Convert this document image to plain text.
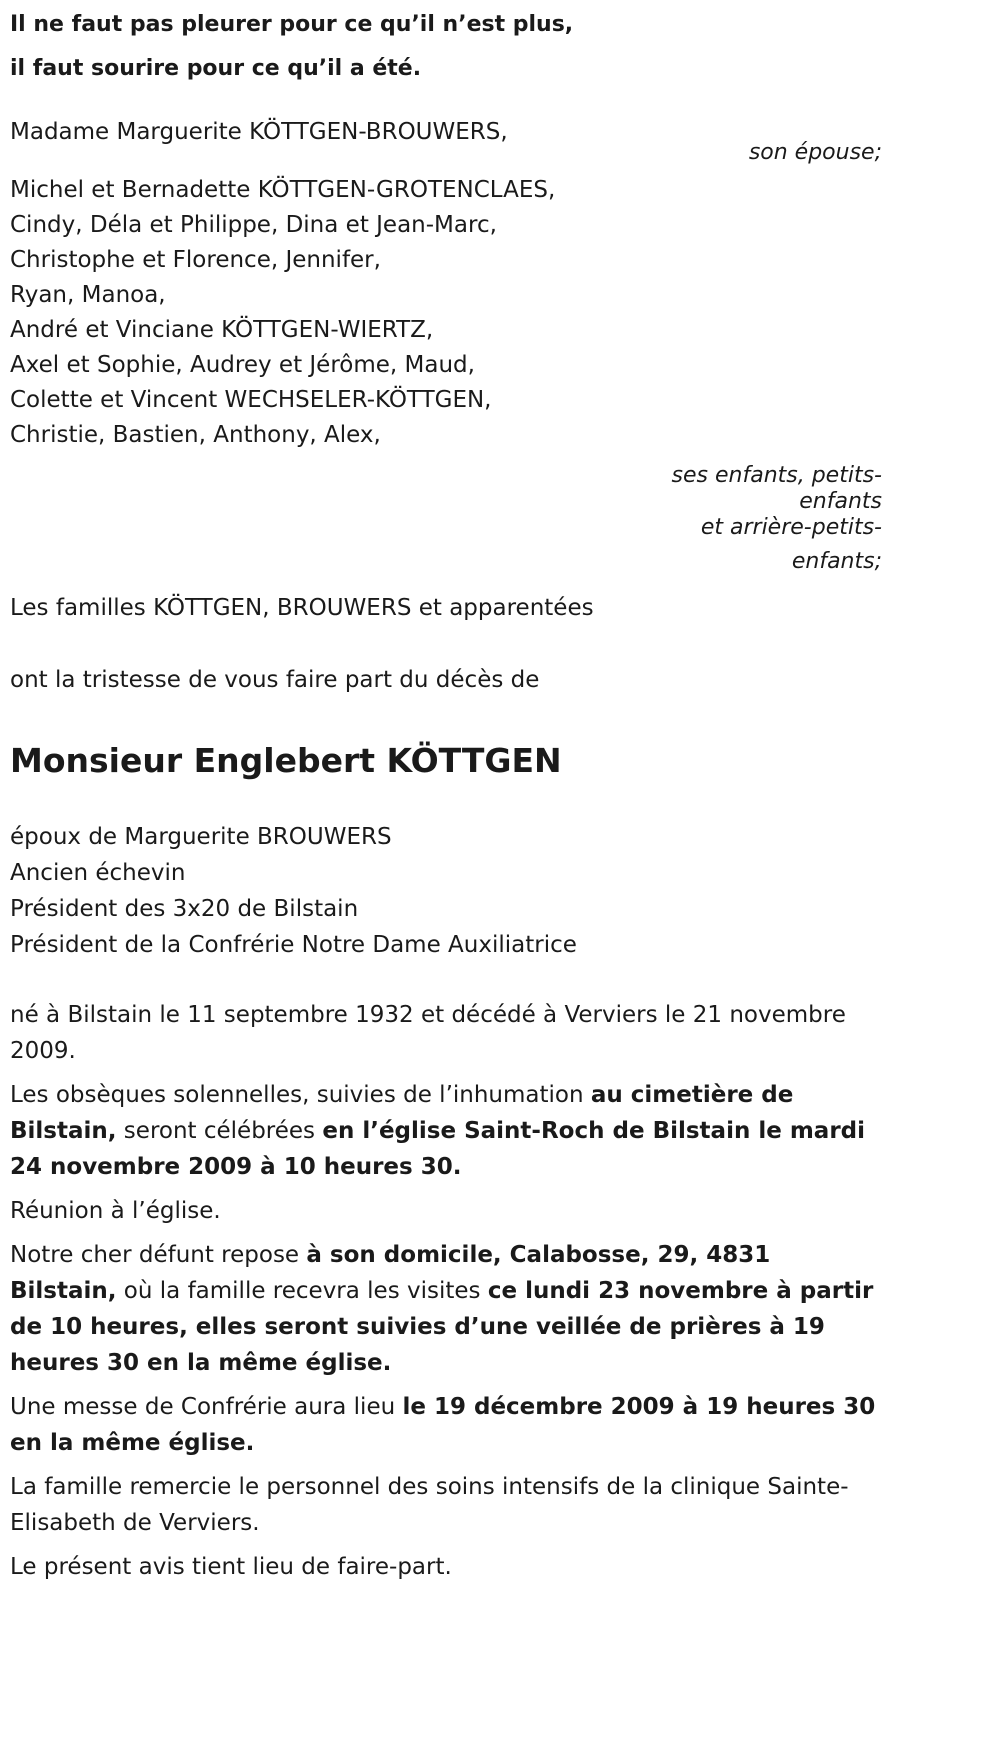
Il ne faut pas pleurer pour ce qu’il n’est plus,
il faut sourire pour ce qu’il a été.
Madame Marguerite KÖTTGEN-BROUWERS,
son épouse;
Michel et Bernadette KÖTTGEN-GROTENCLAES,
Cindy, Déla et Philippe, Dina et Jean-Marc,
Christophe et Florence, Jennifer,
Ryan, Manoa,
André et Vinciane KÖTTGEN-WIERTZ,
Axel et Sophie, Audrey et Jérôme, Maud,
Colette et Vincent WECHSELER-KÖTTGEN,
Christie, Bastien, Anthony, Alex,
ses enfants, petits-
enfants
et arrière-petits-
enfants;
Les familles KÖTTGEN, BROUWERS et apparentées
ont la tristesse de vous faire part du décès de
Monsieur Englebert KÖTTGEN
époux de Marguerite BROUWERS
Ancien échevin
Président des 3x20 de Bilstain
Président de la Confrérie Notre Dame Auxiliatrice
né à Bilstain le 11 septembre 1932 et décédé à Verviers le 21 novembre 2009.
Les obsèques solennelles, suivies de l’inhumation au cimetière de Bilstain, seront célébrées en l’église Saint-Roch de Bilstain le mardi 24 novembre 2009 à 10 heures 30.
Réunion à l’église.
Notre cher défunt repose à son domicile, Calabosse, 29, 4831 Bilstain, où la famille recevra les visites ce lundi 23 novembre à partir de 10 heures, elles seront suivies d’une veillée de prières à 19 heures 30 en la même église.
Une messe de Confrérie aura lieu le 19 décembre 2009 à 19 heures 30 en la même église.
La famille remercie le personnel des soins intensifs de la clinique Sainte-Elisabeth de Verviers.
Le présent avis tient lieu de faire-part.
